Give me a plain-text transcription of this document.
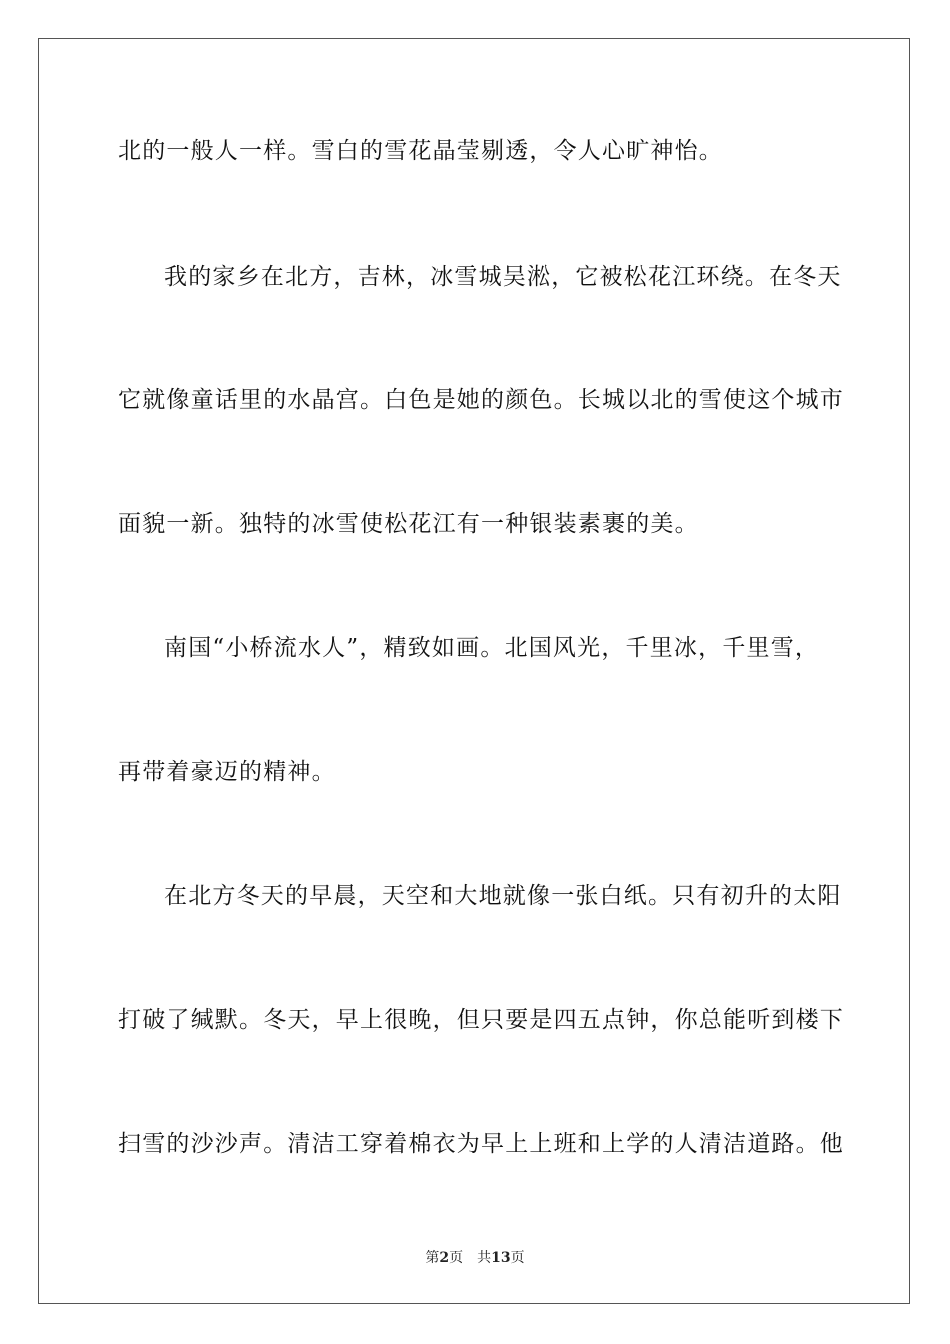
北的一般人一样。雪白的雪花晶莹剔透，令人心旷神怡。
我的家乡在北方，吉林，冰雪城吴淞，它被松花江环绕。在冬天
它就像童话里的水晶宫。白色是她的颜色。长城以北的雪使这个城市
面貌一新。独特的冰雪使松花江有一种银装素裹的美。
南国“小桥流水人”，精致如画。北国风光，千里冰，千里雪，
再带着豪迈的精神。
在北方冬天的早晨，天空和大地就像一张白纸。只有初升的太阳
打破了缄默。冬天，早上很晚，但只要是四五点钟，你总能听到楼下
扫雪的沙沙声。清洁工穿着棉衣为早上上班和上学的人清洁道路。他
第2页 共13页
